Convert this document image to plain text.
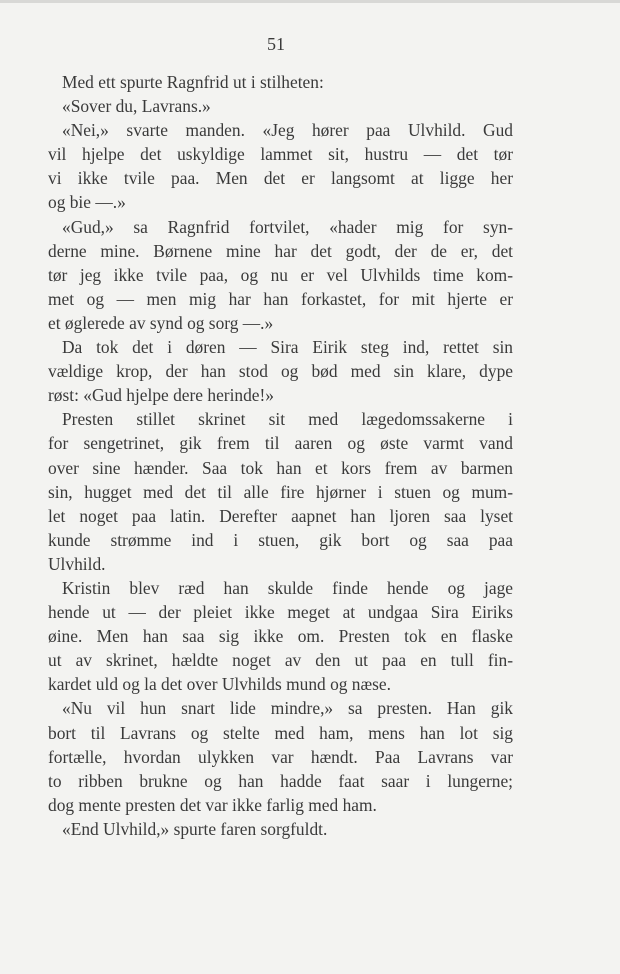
51
Med ett spurte Ragnfrid ut i stilheten:
«Sover du, Lavrans.»
«Nei,» svarte manden. «Jeg hører paa Ulvhild. Gud
vil hjelpe det uskyldige lammet sit, hustru — det tør
vi ikke tvile paa. Men det er langsomt at ligge her
og bie —.»
«Gud,» sa Ragnfrid fortvilet, «hader mig for syn-
derne mine. Børnene mine har det godt, der de er, det
tør jeg ikke tvile paa, og nu er vel Ulvhilds time kom-
met og — men mig har han forkastet, for mit hjerte er
et øglerede av synd og sorg —.»
Da tok det i døren — Sira Eirik steg ind, rettet sin
vældige krop, der han stod og bød med sin klare, dype
røst: «Gud hjelpe dere herinde!»
Presten stillet skrinet sit med lægedomssakerne i
for sengetrinet, gik frem til aaren og øste varmt vand
over sine hænder. Saa tok han et kors frem av barmen
sin, hugget med det til alle fire hjørner i stuen og mum-
let noget paa latin. Derefter aapnet han ljoren saa lyset
kunde strømme ind i stuen, gik bort og saa paa
Ulvhild.
Kristin blev ræd han skulde finde hende og jage
hende ut — der pleiet ikke meget at undgaa Sira Eiriks
øine. Men han saa sig ikke om. Presten tok en flaske
ut av skrinet, hældte noget av den ut paa en tull fin-
kardet uld og la det over Ulvhilds mund og næse.
«Nu vil hun snart lide mindre,» sa presten. Han gik
bort til Lavrans og stelte med ham, mens han lot sig
fortælle, hvordan ulykken var hændt. Paa Lavrans var
to ribben brukne og han hadde faat saar i lungerne;
dog mente presten det var ikke farlig med ham.
«End Ulvhild,» spurte faren sorgfuldt.
